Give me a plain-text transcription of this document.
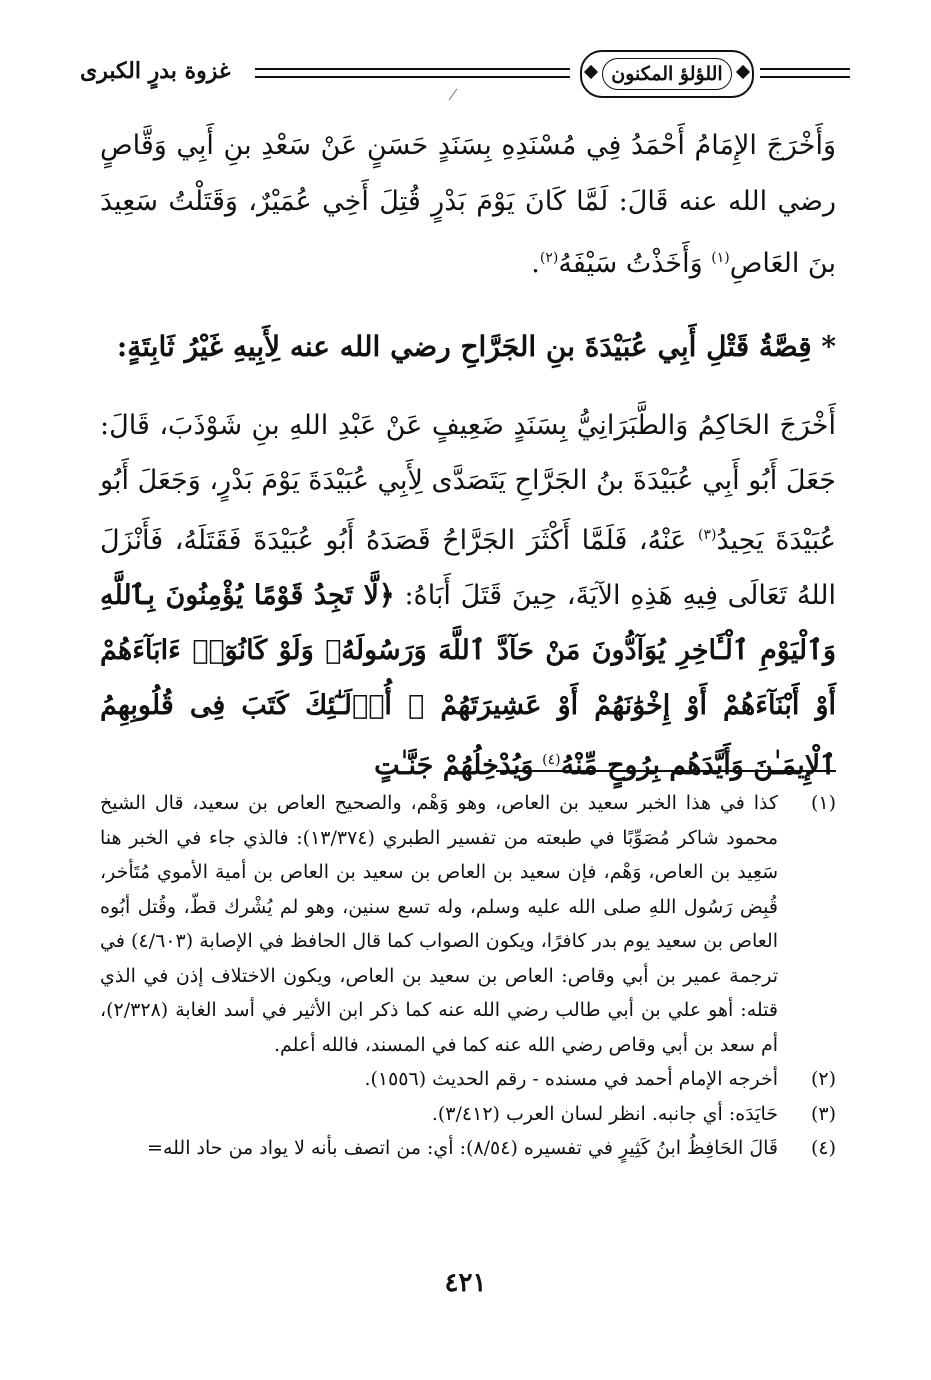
غزوة بدرٍ الكبرى	اللؤلؤ المكنون

وَأَخْرَجَ الإِمَامُ أَحْمَدُ فِي مُسْنَدِهِ بِسَنَدٍ حَسَنٍ عَنْ سَعْدِ بنِ أَبِي وَقَّاصٍ رضي الله عنه قَالَ: لَمَّا كَانَ يَوْمَ بَدْرٍ قُتِلَ أَخِي عُمَيْرٌ، وَقَتَلْتُ سَعِيدَ بنَ العَاصِ$^{(١)}$ وَأَخَذْتُ سَيْفَهُ$^{(٢)}$.

* قِصَّةُ قَتْلِ أَبِي عُبَيْدَةَ بنِ الجَرَّاحِ رضي الله عنه لِأَبِيهِ غَيْرُ ثَابِتَةٍ:

أَخْرَجَ الحَاكِمُ وَالطَّبَرَانِيُّ بِسَنَدٍ ضَعِيفٍ عَنْ عَبْدِ اللهِ بنِ شَوْذَبَ، قَالَ: جَعَلَ أَبُو أَبِي عُبَيْدَةَ بنُ الجَرَّاحِ يَتَصَدَّى لِأَبِي عُبَيْدَةَ يَوْمَ بَدْرٍ، وَجَعَلَ أَبُو عُبَيْدَةَ يَحِيدُ$^{(٣)}$ عَنْهُ، فَلَمَّا أَكْثَرَ الجَرَّاحُ قَصَدَهُ أَبُو عُبَيْدَةَ فَقَتَلَهُ، فَأَنْزَلَ اللهُ تَعَالَى فِيهِ هَذِهِ الآيَةَ، حِينَ قَتَلَ أَبَاهُ: ﴿لَّا تَجِدُ قَوْمًا يُؤْمِنُونَ بِٱللَّهِ وَٱلْيَوْمِ ٱلْـَٔاخِرِ يُوَآدُّونَ مَنْ حَآدَّ ٱللَّهَ وَرَسُولَهُۥ وَلَوْ كَانُوٓا۟ ءَابَآءَهُمْ أَوْ أَبْنَآءَهُمْ أَوْ إِخْوَٰنَهُمْ أَوْ عَشِيرَتَهُمْ ۚ أُو۟لَـٰٓئِكَ كَتَبَ فِى قُلُوبِهِمُ ٱلْإِيمَـٰنَ وَأَيَّدَهُم بِرُوحٍ مِّنْهُ$^{(٤)}$ وَيُدْخِلُهُمْ جَنَّـٰتٍ

(١)

كذا في هذا الخبر سعيد بن العاص، وهو وَهْم، والصحيح العاص بن سعيد، قال الشيخ محمود شاكر مُصَوِّبًا في طبعته من تفسير الطبري (١٣/٣٧٤): فالذي جاء في الخبر هنا سَعِيد بن العاص، وَهْم، فإن سعيد بن العاص بن سعيد بن العاص بن أمية الأموي مُتَأخر، قُبِض رَسُول اللهِ صلى الله عليه وسلم، وله تسع سنين، وهو لم يُشْرك قطّ، وقُتل أبُوه العاص بن سعيد يوم بدر كافرًا، ويكون الصواب كما قال الحافظ في الإصابة (٤/٦٠٣) في ترجمة عمير بن أبي وقاص: العاص بن سعيد بن العاص، ويكون الاختلاف إذن في الذي قتله: أهو علي بن أبي طالب رضي الله عنه كما ذكر ابن الأثير في أسد الغابة (٢/٣٢٨)، أم سعد بن أبي وقاص رضي الله عنه كما في المسند، فالله أعلم.

(٢)

أخرجه الإمام أحمد في مسنده - رقم الحديث (١٥٥٦).

(٣)

حَايَدَه: أي جانبه. انظر لسان العرب (٣/٤١٢).

(٤)

قَالَ الحَافِظُ ابنُ كَثِيرٍ في تفسيره (٨/٥٤): أي: من اتصف بأنه لا يواد من حاد الله=

٤٢١
